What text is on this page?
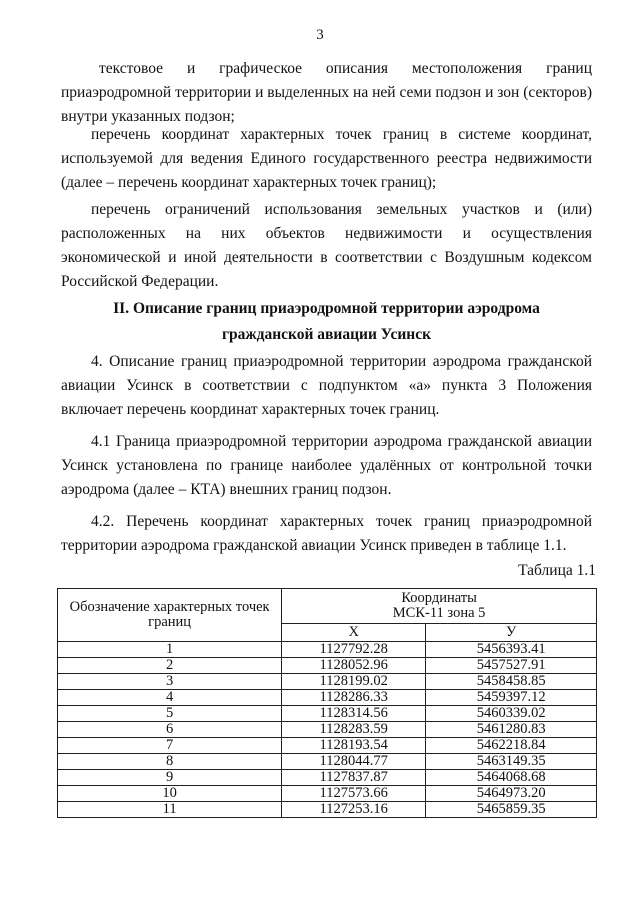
3

текстовое и графическое описания местоположения границ приаэродромной территории и выделенных на ней семи подзон и зон (секторов) внутри указанных подзон;

перечень координат характерных точек границ в системе координат, используемой для ведения Единого государственного реестра недвижимости (далее – перечень координат характерных точек границ);

перечень ограничений использования земельных участков и (или) расположенных на них объектов недвижимости и осуществления экономической и иной деятельности в соответствии с Воздушным кодексом Российской Федерации.

II. Описание границ приаэродромной территории аэродрома
гражданской авиации Усинск

4. Описание границ приаэродромной территории аэродрома гражданской авиации Усинск в соответствии с подпунктом «а» пункта 3 Положения включает перечень координат характерных точек границ.

4.1 Граница приаэродромной территории аэродрома гражданской авиации Усинск установлена по границе наиболее удалённых от контрольной точки аэродрома (далее – КТА) внешних границ подзон.

4.2. Перечень координат характерных точек границ приаэродромной территории аэродрома гражданской авиации Усинск приведен в таблице 1.1.

Таблица 1.1
Обозначение характерных точек границ	Координаты
МСК-11 зона 5	

	Х	У
1	1127792.28	5456393.41
2	1128052.96	5457527.91
3	1128199.02	5458458.85
4	1128286.33	5459397.12
5	1128314.56	5460339.02
6	1128283.59	5461280.83
7	1128193.54	5462218.84
8	1128044.77	5463149.35
9	1127837.87	5464068.68
10	1127573.66	5464973.20
11	1127253.16	5465859.35
